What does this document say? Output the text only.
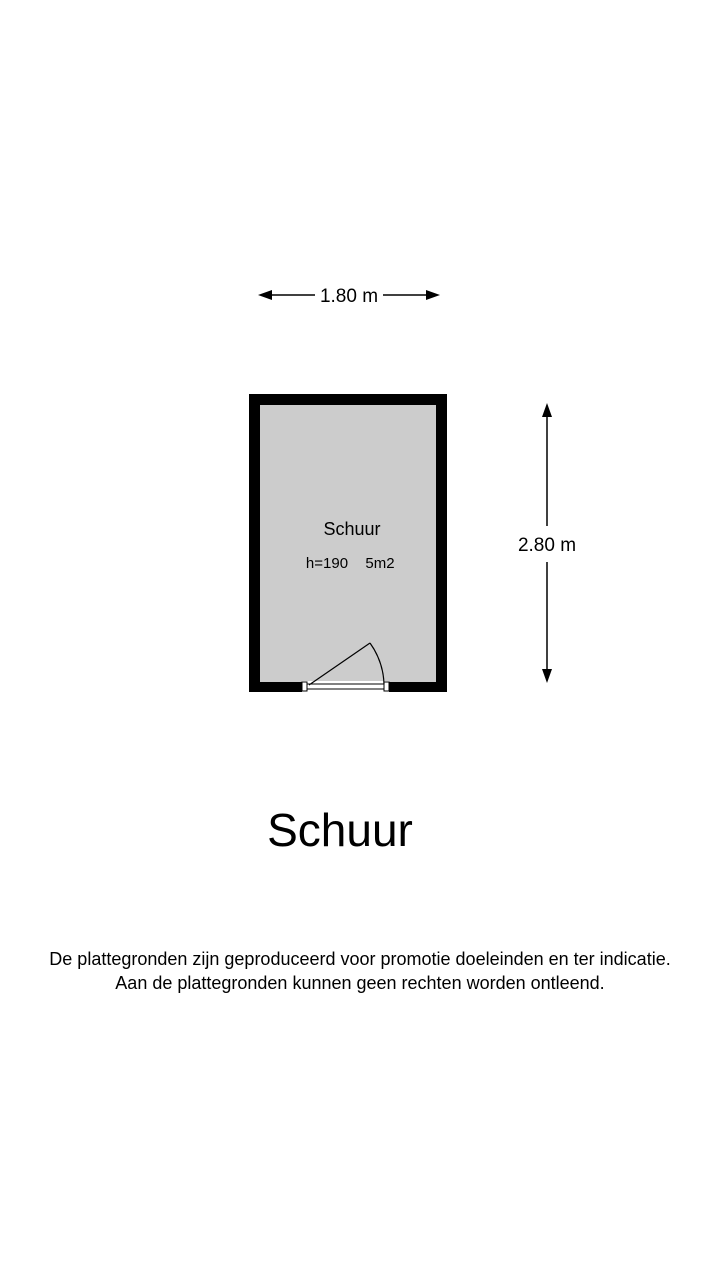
1.80 m
2.80 m
Schuur
h=190 5m2
Schuur
De plattegronden zijn geproduceerd voor promotie doeleinden en ter indicatie.
Aan de plattegronden kunnen geen rechten worden ontleend.
